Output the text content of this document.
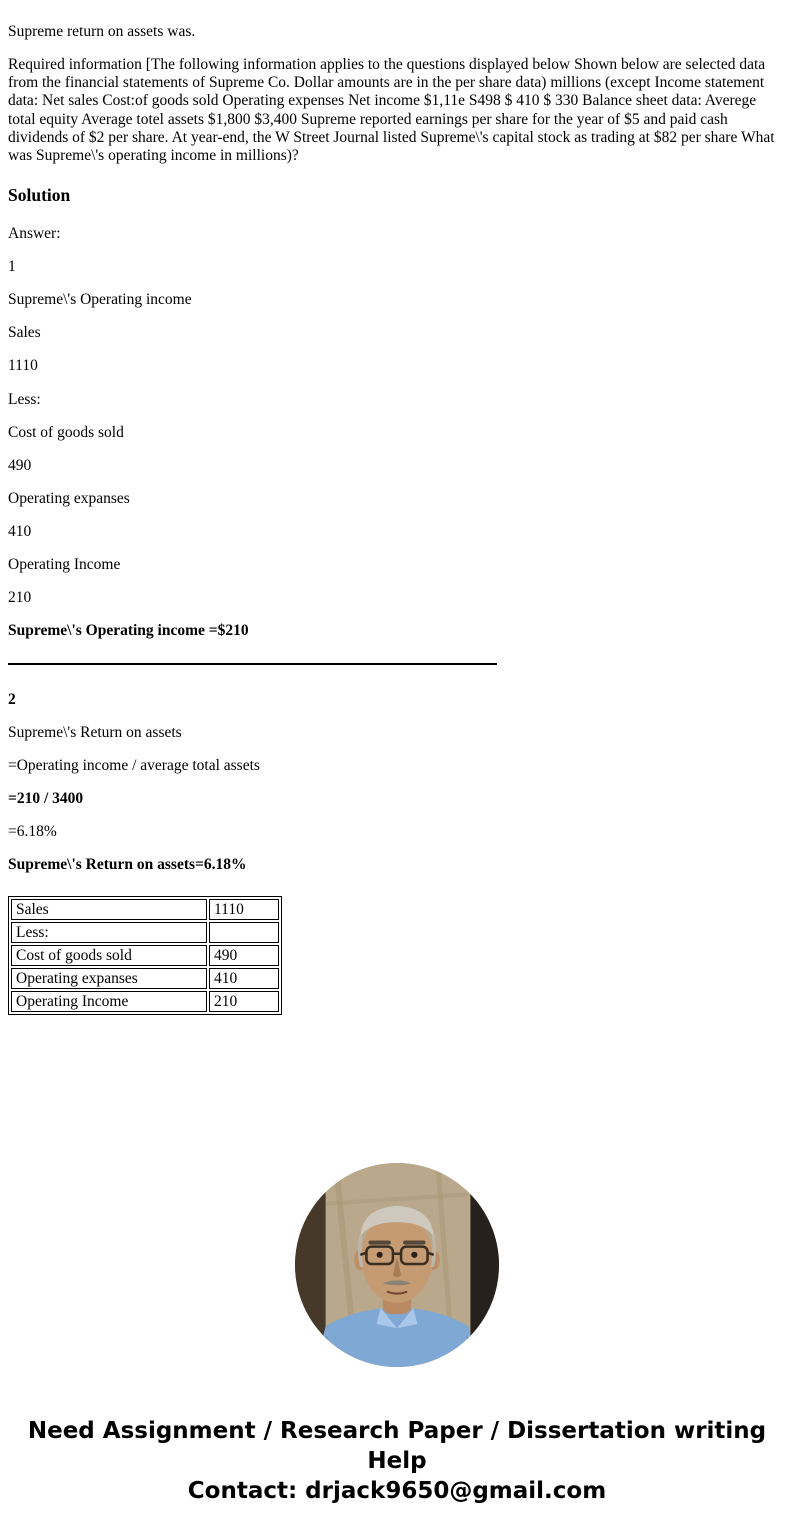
Supreme return on assets was.

Required information [The following information applies to the questions displayed below Shown below are selected data from the financial statements of Supreme Co. Dollar amounts are in the per share data) millions (except Income statement data: Net sales Cost:of goods sold Operating expenses Net income $1,11e S498 $ 410 $ 330 Balance sheet data: Averege total equity Average totel assets $1,800 $3,400 Supreme reported earnings per share for the year of $5 and paid cash dividends of $2 per share. At year-end, the W Street Journal listed Supreme\'s capital stock as trading at $82 per share What was Supreme\'s operating income in millions)?

Solution

Answer:

1

Supreme\'s Operating income

Sales

1110

Less:

Cost of goods sold

490

Operating expanses

410

Operating Income

210

Supreme\'s Operating income =$210

2

Supreme\'s Return on assets

=Operating income / average total assets

=210 / 3400

=6.18%

Supreme\'s Return on assets=6.18%

Sales	1110
Less:	
Cost of goods sold	490
Operating expanses	410
Operating Income	210
Need Assignment / Research Paper / Dissertation writing Help
Contact: drjack9650@gmail.com
